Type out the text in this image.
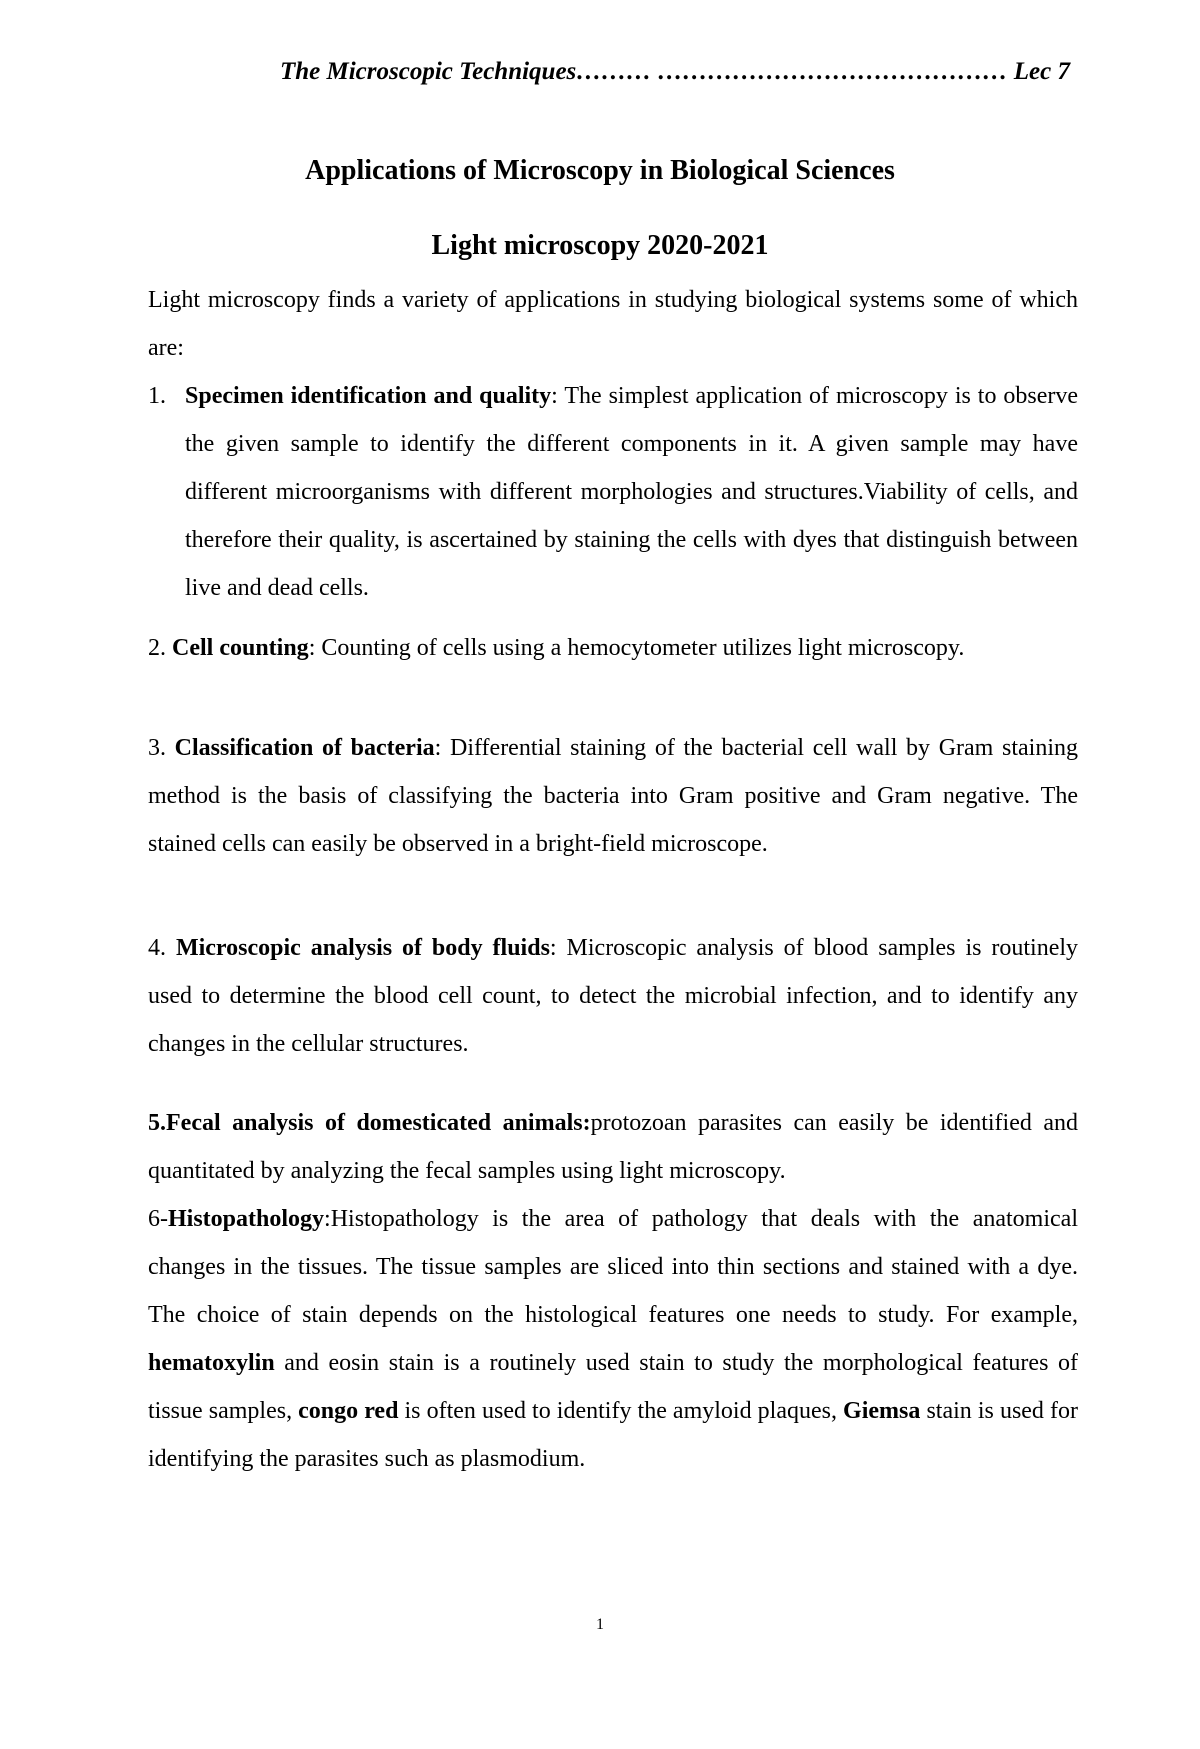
The Microscopic Techniques……… …………………………………… Lec 7
Applications of Microscopy in Biological Sciences
Light microscopy 2020-2021

Light microscopy finds a variety of applications in studying biological systems some of which are:

1. Specimen identification and quality: The simplest application of microscopy is to observe the given sample to identify the different components in it. A given sample may have different microorganisms with different morphologies and structures.Viability of cells, and therefore their quality, is ascertained by staining the cells with dyes that distinguish between live and dead cells.

2. Cell counting: Counting of cells using a hemocytometer utilizes light microscopy.

3. Classification of bacteria: Differential staining of the bacterial cell wall by Gram staining method is the basis of classifying the bacteria into Gram positive and Gram negative. The stained cells can easily be observed in a bright-field microscope.

4. Microscopic analysis of body fluids: Microscopic analysis of blood samples is routinely used to determine the blood cell count, to detect the microbial infection, and to identify any changes in the cellular structures.

5.Fecal analysis of domesticated animals:protozoan parasites can easily be identified and quantitated by analyzing the fecal samples using light microscopy.

6-Histopathology:Histopathology is the area of pathology that deals with the anatomical changes in the tissues. The tissue samples are sliced into thin sections and stained with a dye. The choice of stain depends on the histological features one needs to study. For example, hematoxylin and eosin stain is a routinely used stain to study the morphological features of tissue samples, congo red is often used to identify the amyloid plaques, Giemsa stain is used for identifying the parasites such as plasmodium.

1
